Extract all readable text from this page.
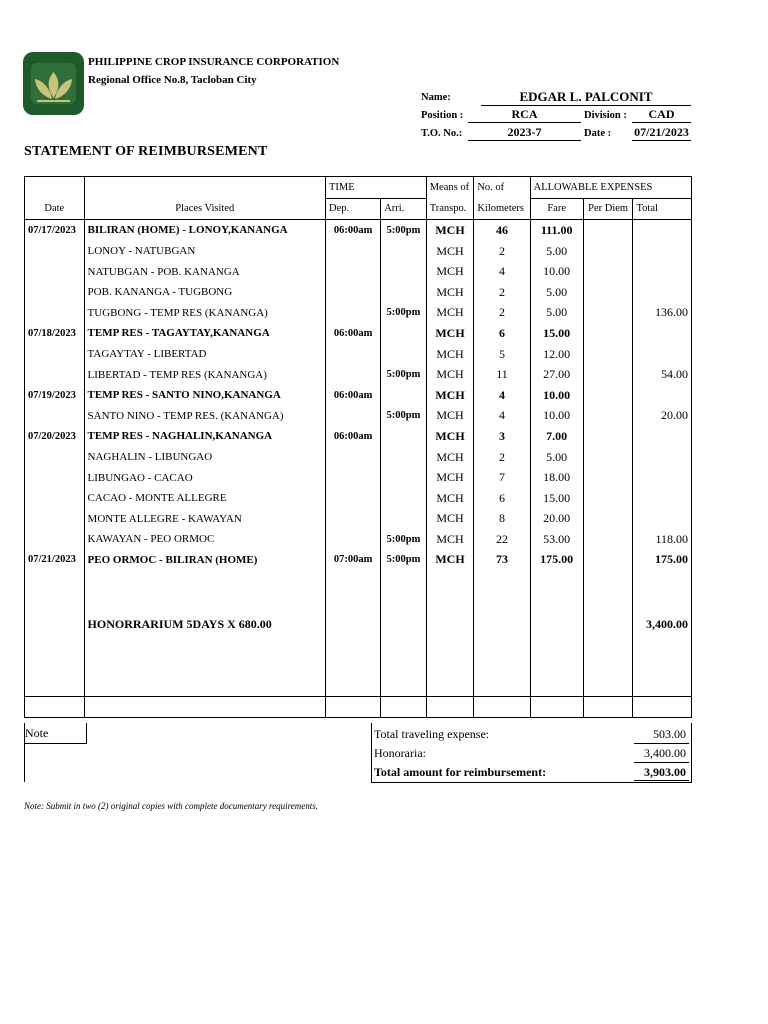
PHILIPPINE CROP INSURANCE CORPORATION
Regional Office No.8, Tacloban City
STATEMENT OF REIMBURSEMENT
Name:	EDGAR L. PALCONIT
Position :	RCA	Division :	CAD
T.O. No.:	2023-7	Date : 07/21/2023
		TIME		Means of	No. of	ALLOWABLE EXPENSES		
Date	Places Visited	Dep.	Arri.	Transpo.	Kilometers	Fare	Per Diem	Total
07/17/2023	BILIRAN (HOME) - LONOY,KANANGA	06:00am	5:00pm	MCH	46	111.00		
	LONOY - NATUBGAN			MCH	2	5.00		
	NATUBGAN - POB. KANANGA			MCH	4	10.00		
	POB. KANANGA - TUGBONG			MCH	2	5.00		
	TUGBONG - TEMP RES (KANANGA)		5:00pm	MCH	2	5.00		136.00
07/18/2023	TEMP RES - TAGAYTAY,KANANGA	06:00am		MCH	6	15.00		
	TAGAYTAY - LIBERTAD			MCH	5	12.00		
	LIBERTAD - TEMP RES (KANANGA)		5:00pm	MCH	11	27.00		54.00
07/19/2023	TEMP RES - SANTO NINO,KANANGA	06:00am		MCH	4	10.00		
	SANTO NINO - TEMP RES. (KANANGA)		5:00pm	MCH	4	10.00		20.00
07/20/2023	TEMP RES - NAGHALIN,KANANGA	06:00am		MCH	3	7.00		
	NAGHALIN - LIBUNGAO			MCH	2	5.00		
	LIBUNGAO - CACAO			MCH	7	18.00		
	CACAO - MONTE ALLEGRE			MCH	6	15.00		
	MONTE ALLEGRE - KAWAYAN			MCH	8	20.00		
	KAWAYAN - PEO ORMOC		5:00pm	MCH	22	53.00		118.00
07/21/2023	PEO ORMOC - BILIRAN (HOME)	07:00am	5:00pm	MCH	73	175.00		175.00

	HONORRARIUM 5DAYS X 680.00							3,400.00

Note	Total traveling expense:	503.00
Honoraria:	3,400.00
Total amount for reimbursement:	3,903.00
Note: Submit in two (2) original copies with complete documentary requirements.
